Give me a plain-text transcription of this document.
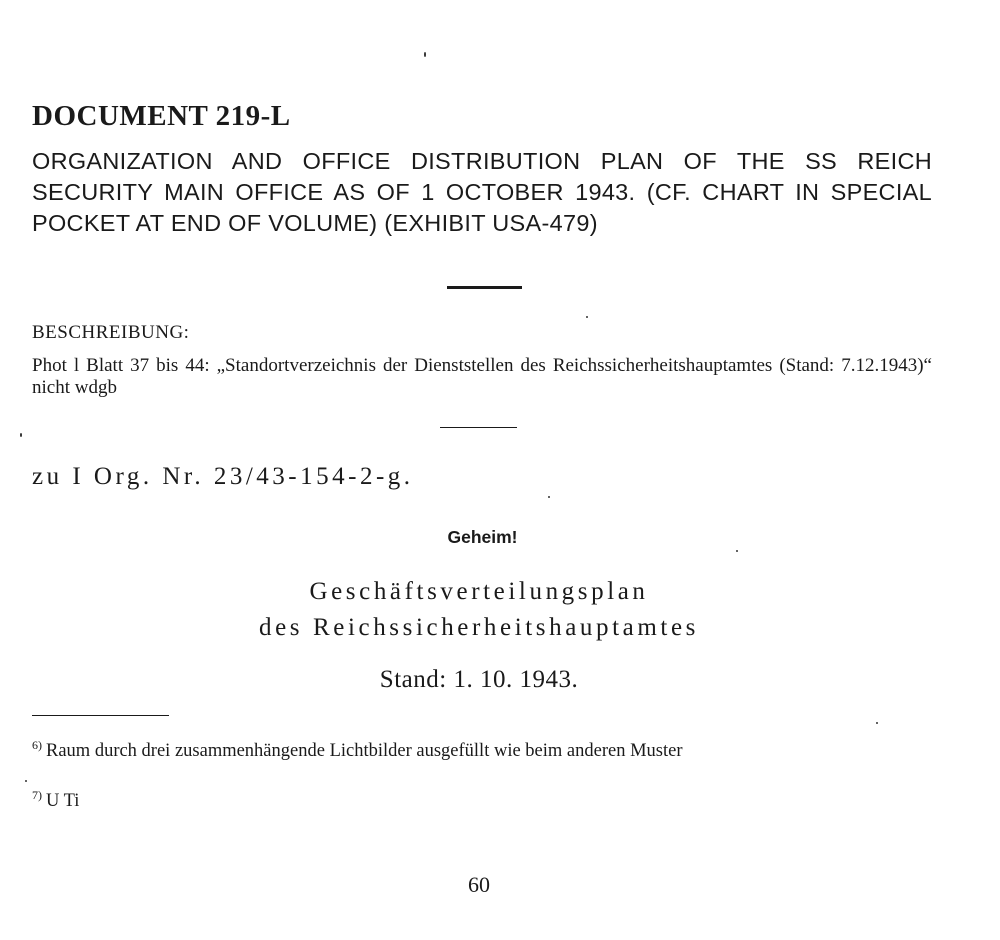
DOCUMENT 219-L
ORGANIZATION AND OFFICE DISTRIBUTION PLAN OF THE SS REICH SECURITY MAIN OFFICE AS OF 1 OCTOBER 1943. (CF. CHART IN SPECIAL POCKET AT END OF VOLUME) (EXHIBIT USA-479)
BESCHREIBUNG:
Phot l Blatt 37 bis 44: „Standortverzeichnis der Dienststellen des Reichssicherheitshauptamtes (Stand: 7.12.1943)“ nicht wdgb
zu I Org. Nr. 23/43-154-2-g.
Geheim!
Geschäftsverteilungsplan
des Reichssicherheitshauptamtes
Stand: 1. 10. 1943.
$^{6)}$ Raum durch drei zusammenhängende Lichtbilder ausgefüllt wie beim anderen Muster
$^{7)}$ U Ti
60
